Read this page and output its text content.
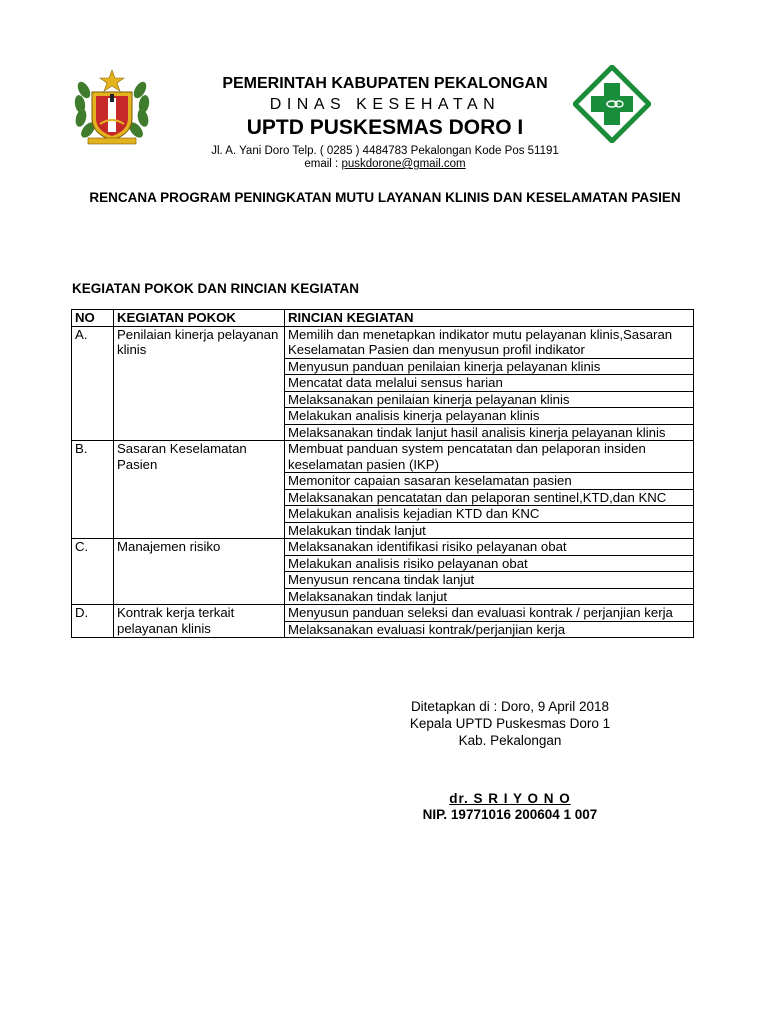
PEMERINTAH KABUPATEN PEKALONGAN
DINAS KESEHATAN
UPTD PUSKESMAS DORO I
Jl. A. Yani Doro Telp. ( 0285 ) 4484783 Pekalongan Kode Pos 51191
email : puskdorone@gmail.com
RENCANA PROGRAM PENINGKATAN MUTU LAYANAN KLINIS DAN KESELAMATAN PASIEN
KEGIATAN POKOK DAN RINCIAN KEGIATAN
NO	KEGIATAN POKOK	RINCIAN KEGIATAN
A.	Penilaian kinerja pelayanan klinis	Memilih dan menetapkan indikator mutu pelayanan klinis,Sasaran Keselamatan Pasien dan menyusun profil indikator
		Menyusun panduan penilaian kinerja pelayanan klinis
		Mencatat data melalui sensus harian
		Melaksanakan penilaian kinerja pelayanan klinis
		Melakukan analisis kinerja pelayanan klinis
		Melaksanakan tindak lanjut hasil analisis kinerja pelayanan klinis
B.	Sasaran Keselamatan Pasien	Membuat panduan system pencatatan dan pelaporan insiden keselamatan pasien (IKP)
		Memonitor capaian sasaran keselamatan pasien
		Melaksanakan pencatatan dan pelaporan sentinel,KTD,dan KNC
		Melakukan analisis kejadian KTD dan KNC
		Melakukan tindak lanjut
C.	Manajemen risiko	Melaksanakan identifikasi risiko pelayanan obat
		Melakukan analisis risiko pelayanan obat
		Menyusun rencana tindak lanjut
		Melaksanakan tindak lanjut
D.	Kontrak kerja terkait pelayanan klinis	Menyusun panduan seleksi dan evaluasi kontrak / perjanjian kerja
		Melaksanakan evaluasi kontrak/perjanjian kerja
Ditetapkan di : Doro, 9 April 2018
Kepala UPTD Puskesmas Doro 1
Kab. Pekalongan
dr. S R I Y O N O
NIP. 19771016 200604 1 007
